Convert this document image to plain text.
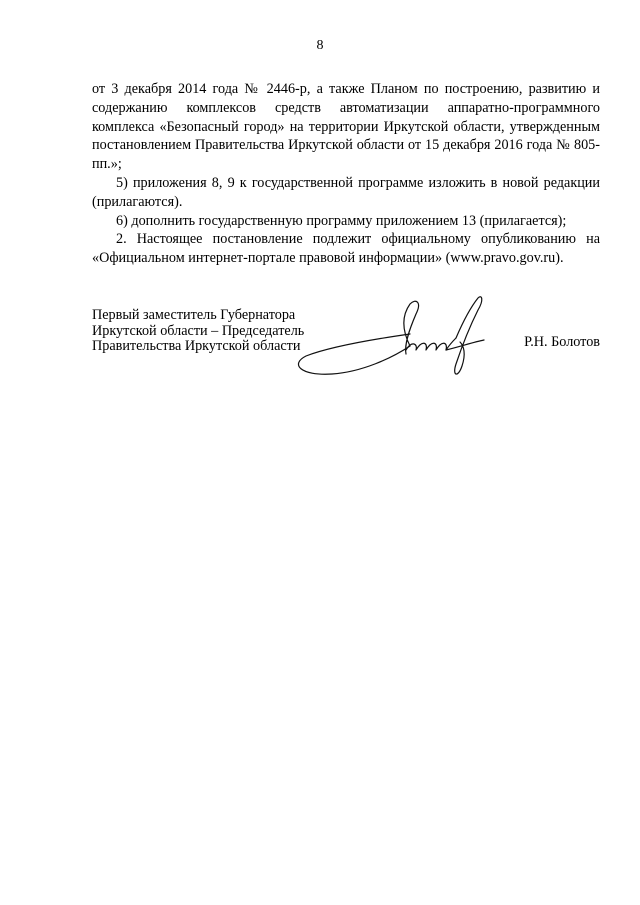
8

от 3 декабря 2014 года № 2446-р, а также Планом по построению, развитию и содержанию комплексов средств автоматизации аппаратно-программного комплекса «Безопасный город» на территории Иркутской области, утвержденным постановлением Правительства Иркутской области от 15 декабря 2016 года № 805-пп.»;

5) приложения 8, 9 к государственной программе изложить в новой редакции (прилагаются).

6) дополнить государственную программу приложением 13 (прилагается);

2. Настоящее постановление подлежит официальному опубликованию на «Официальном интернет-портале правовой информации» (www.pravo.gov.ru).

Первый заместитель Губернатора
Иркутской области – Председатель
Правительства Иркутской области	Р.Н. Болотов
